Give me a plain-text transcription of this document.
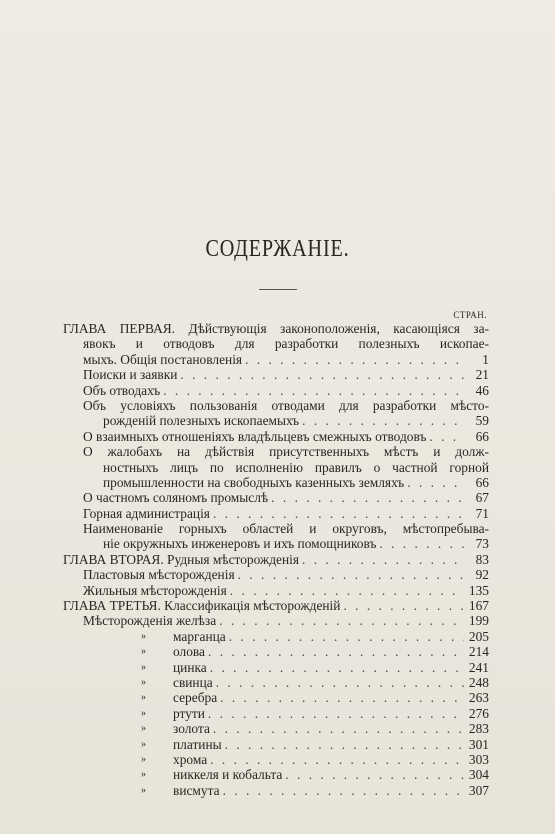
СОДЕРЖАНІЕ.
СТРАН.
ГЛАВА ПЕРВАЯ. Дѣйствующія законоположенія, касающіяся за-
явокъ и отводовъ для разработки полезныхъ ископае-
мыхъ. Общія постановленія . . .	1
Поиски и заявки . . .	21
Объ отводахъ . . .	46
Объ условіяхъ пользованія отводами для разработки мѣсто-
рожденій полезныхъ ископаемыхъ . . .	59
О взаимныхъ отношеніяхъ владѣльцевъ смежныхъ отводовъ . . .	66
О жалобахъ на дѣйствія присутственныхъ мѣстъ и долж-
ностныхъ лицъ по исполненію правилъ о частной горной
промышленности на свободныхъ казенныхъ земляхъ . . .	66
О частномъ соляномъ промыслѣ . . .	67
Горная администрація . . .	71
Наименованіе горныхъ областей и округовъ, мѣстопребыва-
ніе окружныхъ инженеровъ и ихъ помощниковъ . . .	73
ГЛАВА ВТОРАЯ. Рудныя мѣсторожденія . . .	83
Пластовыя мѣсторожденія . . .	92
Жильныя мѣсторожденія . . .	135
ГЛАВА ТРЕТЬЯ. Классификація мѣсторожденій . . .	167
Мѣсторожденія желѣза . . .	199
» марганца . . .	205
» олова . . .	214
» цинка . . .	241
» свинца . . .	248
» серебра . . .	263
» ртути . . .	276
» золота . . .	283
» платины . . .	301
» хрома . . .	303
» никкеля и кобальта . . .	304
» висмута . . .	307
